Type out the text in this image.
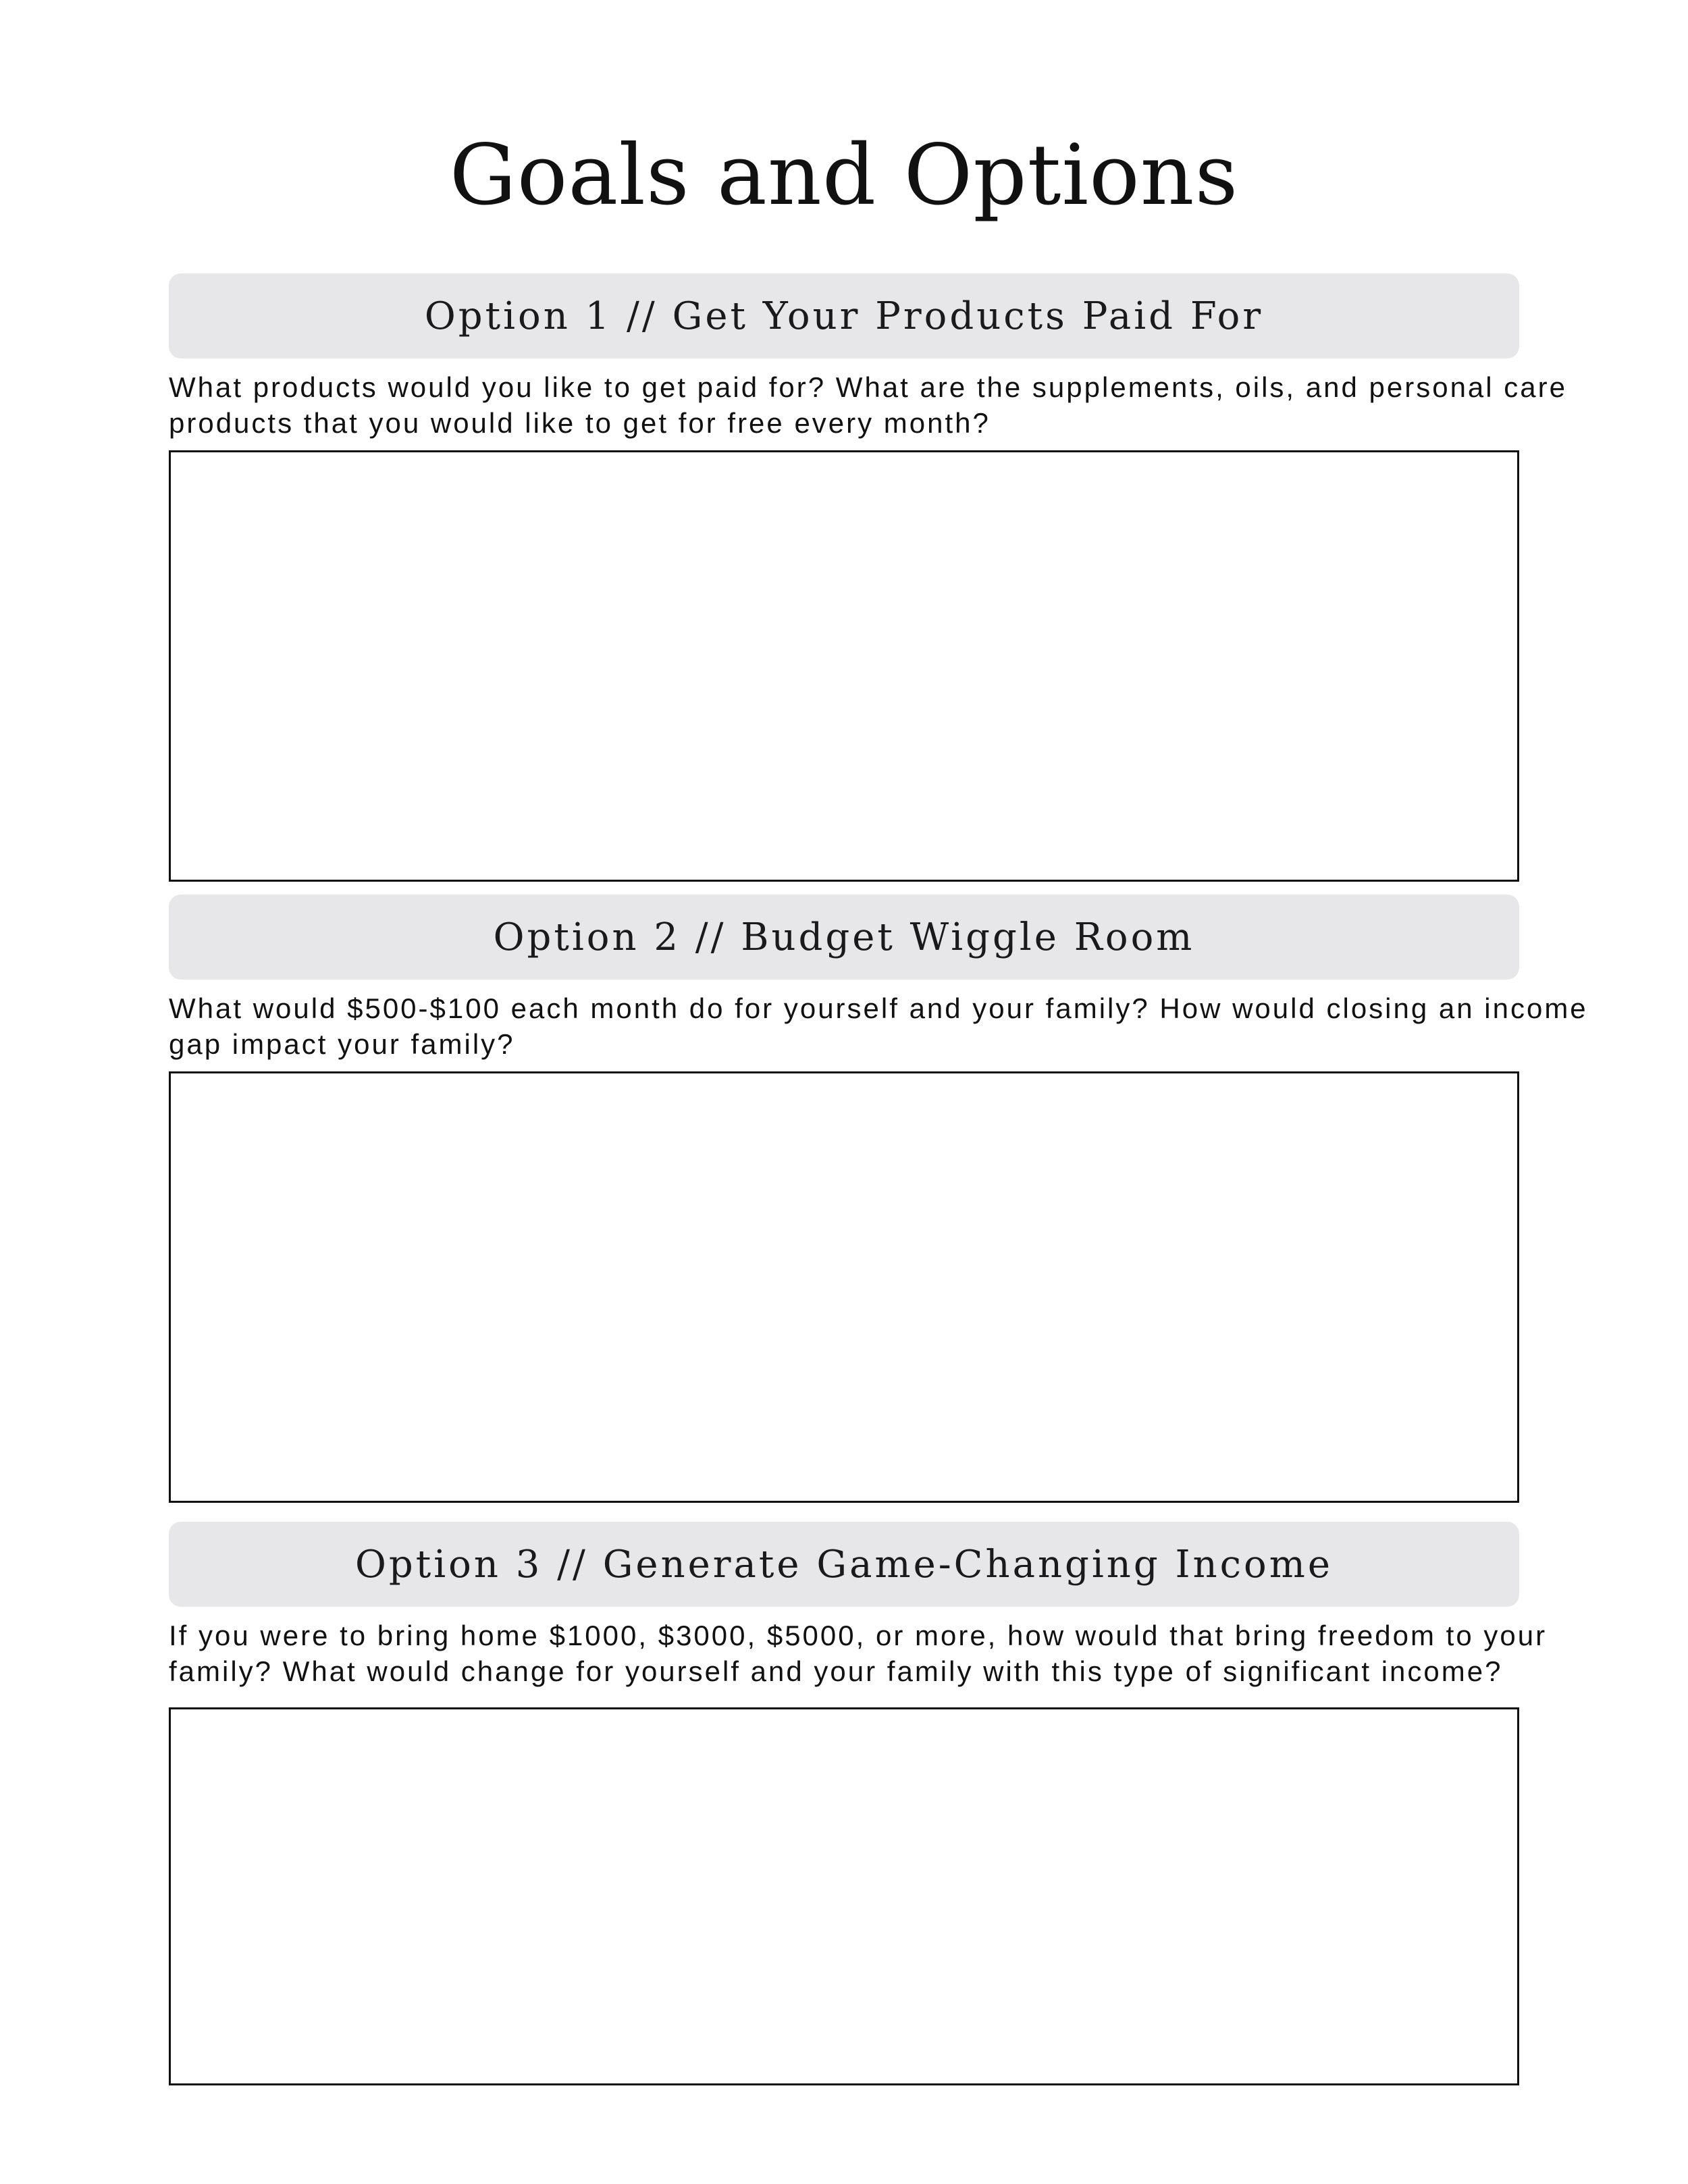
Goals and Options
Option 1 // Get Your Products Paid For
What products would you like to get paid for? What are the supplements, oils, and personal care products that you would like to get for free every month?
Option 2 // Budget Wiggle Room
What would $500-$100 each month do for yourself and your family? How would closing an income gap impact your family?
Option 3 // Generate Game-Changing Income
If you were to bring home $1000, $3000, $5000, or more, how would that bring freedom to your family? What would change for yourself and your family with this type of significant income?
